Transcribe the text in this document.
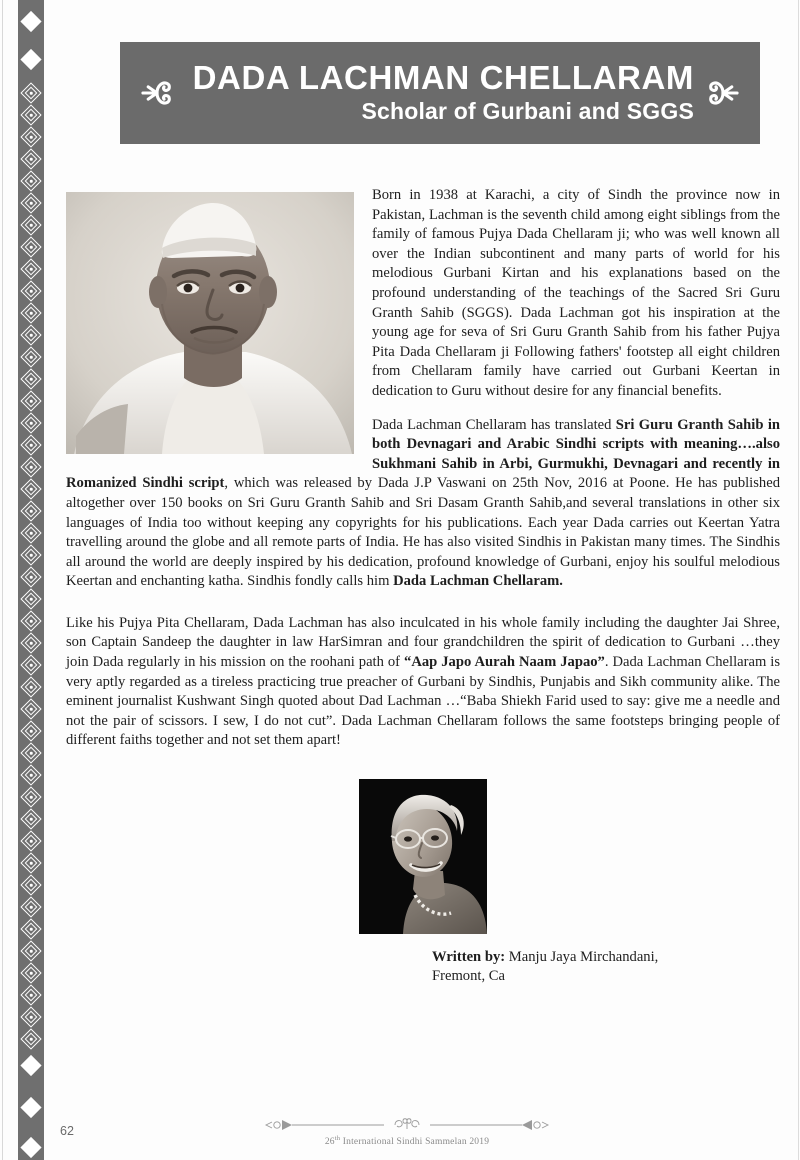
DADA LACHMAN CHELLARAM
Scholar of Gurbani and SGGS

Born in 1938 at Karachi, a city of Sindh the province now in Pakistan, Lachman is the seventh child among eight siblings from the family of famous Pujya Dada Chellaram ji; who was well known all over the Indian subcontinent and many parts of world for his melodious Gurbani Kirtan and his explanations based on the profound understanding of the teachings of the Sacred Sri Guru Granth Sahib (SGGS). Dada Lachman got his inspiration at the young age for seva of Sri Guru Granth Sahib from his father Pujya Pita Dada Chellaram ji Following fathers' footstep all eight children from Chellaram family have carried out Gurbani Keertan in dedication to Guru without desire for any financial benefits.

Dada Lachman Chellaram has translated Sri Guru Granth Sahib in both Devnagari and Arabic Sindhi scripts with meaning….also Sukhmani Sahib in Arbi, Gurmukhi, Devnagari and recently in Romanized Sindhi script, which was released by Dada J.P Vaswani on 25th Nov, 2016 at Poone. He has published altogether over 150 books on Sri Guru Granth Sahib and Sri Dasam Granth Sahib,and several translations in other six languages of India too without keeping any copyrights for his publications. Each year Dada carries out Keertan Yatra travelling around the globe and all remote parts of India. He has also visited Sindhis in Pakistan many times. The Sindhis all around the world are deeply inspired by his dedication, profound knowledge of Gurbani, enjoy his soulful melodious Keertan and enchanting katha. Sindhis fondly calls him Dada Lachman Chellaram.

Like his Pujya Pita Chellaram, Dada Lachman has also inculcated in his whole family including the daughter Jai Shree, son Captain Sandeep the daughter in law HarSimran and four grandchildren the spirit of dedication to Gurbani …they join Dada regularly in his mission on the roohani path of “Aap Japo Aurah Naam Japao”. Dada Lachman Chellaram is very aptly regarded as a tireless practicing true preacher of Gurbani by Sindhis, Punjabis and Sikh community alike. The eminent journalist Kushwant Singh quoted about Dad Lachman …“Baba Shiekh Farid used to say: give me a needle and not the pair of scissors. I sew, I do not cut”. Dada Lachman Chellaram follows the same footsteps bringing people of different faiths together and not set them apart!

Written by: Manju Jaya Mirchandani,
Fremont, Ca
62
26th International Sindhi Sammelan 2019
